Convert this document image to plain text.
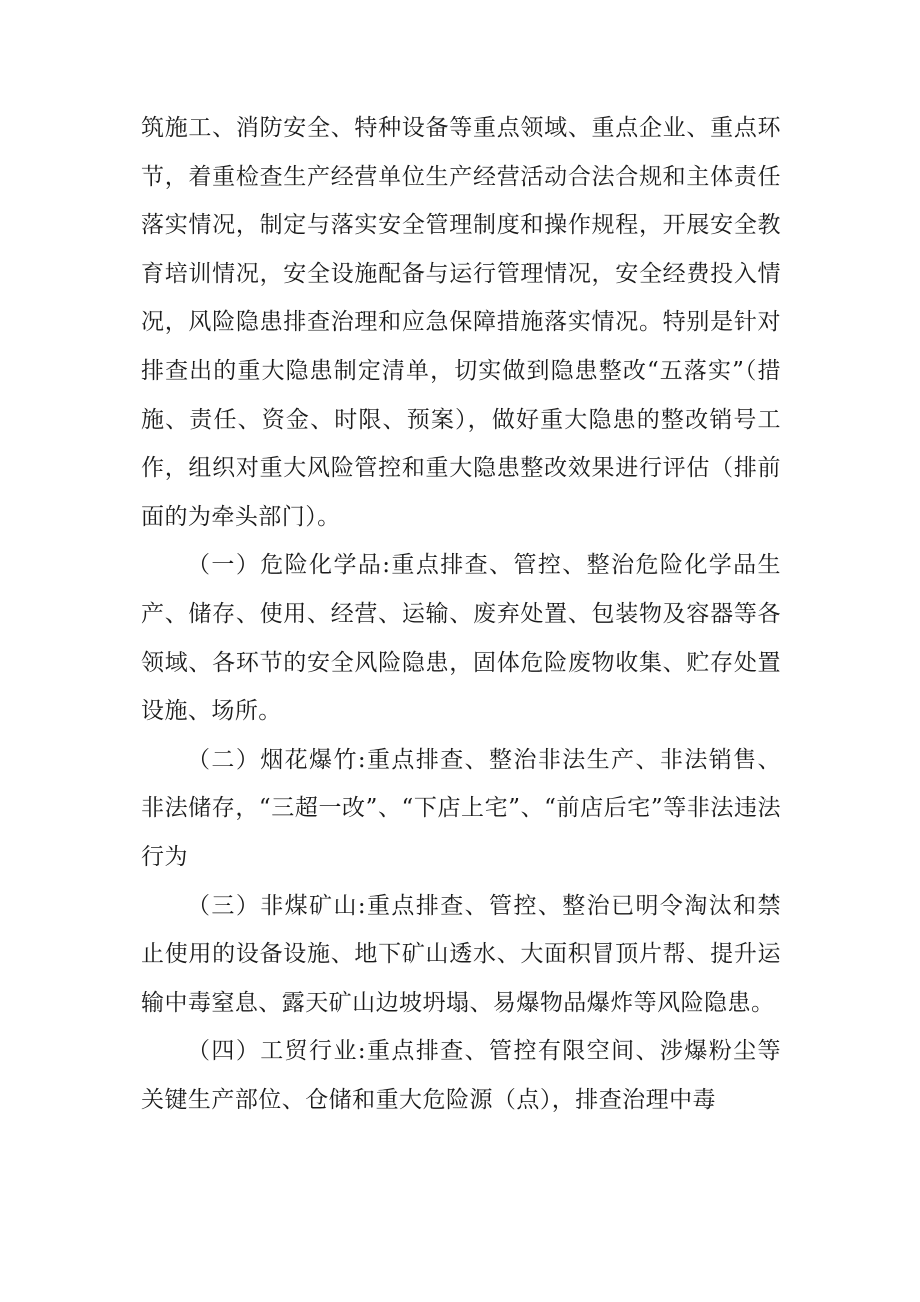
筑施工、消防安全、特种设备等重点领域、重点企业、重点环节，着重检查生产经营单位生产经营活动合法合规和主体责任落实情况，制定与落实安全管理制度和操作规程，开展安全教育培训情况，安全设施配备与运行管理情况，安全经费投入情况，风险隐患排查治理和应急保障措施落实情况。特别是针对排查出的重大隐患制定清单，切实做到隐患整改“五落实”（措施、责任、资金、时限、预案），做好重大隐患的整改销号工作，组织对重大风险管控和重大隐患整改效果进行评估（排前面的为牵头部门）。

（一）危险化学品:重点排查、管控、整治危险化学品生产、储存、使用、经营、运输、废弃处置、包装物及容器等各领域、各环节的安全风险隐患，固体危险废物收集、贮存处置设施、场所。

（二）烟花爆竹:重点排查、整治非法生产、非法销售、非法储存，“三超一改”、“下店上宅”、“前店后宅”等非法违法行为

（三）非煤矿山:重点排查、管控、整治已明令淘汰和禁止使用的设备设施、地下矿山透水、大面积冒顶片帮、提升运输中毒窒息、露天矿山边坡坍塌、易爆物品爆炸等风险隐患。

（四）工贸行业:重点排查、管控有限空间、涉爆粉尘等关键生产部位、仓储和重大危险源（点），排查治理中毒
